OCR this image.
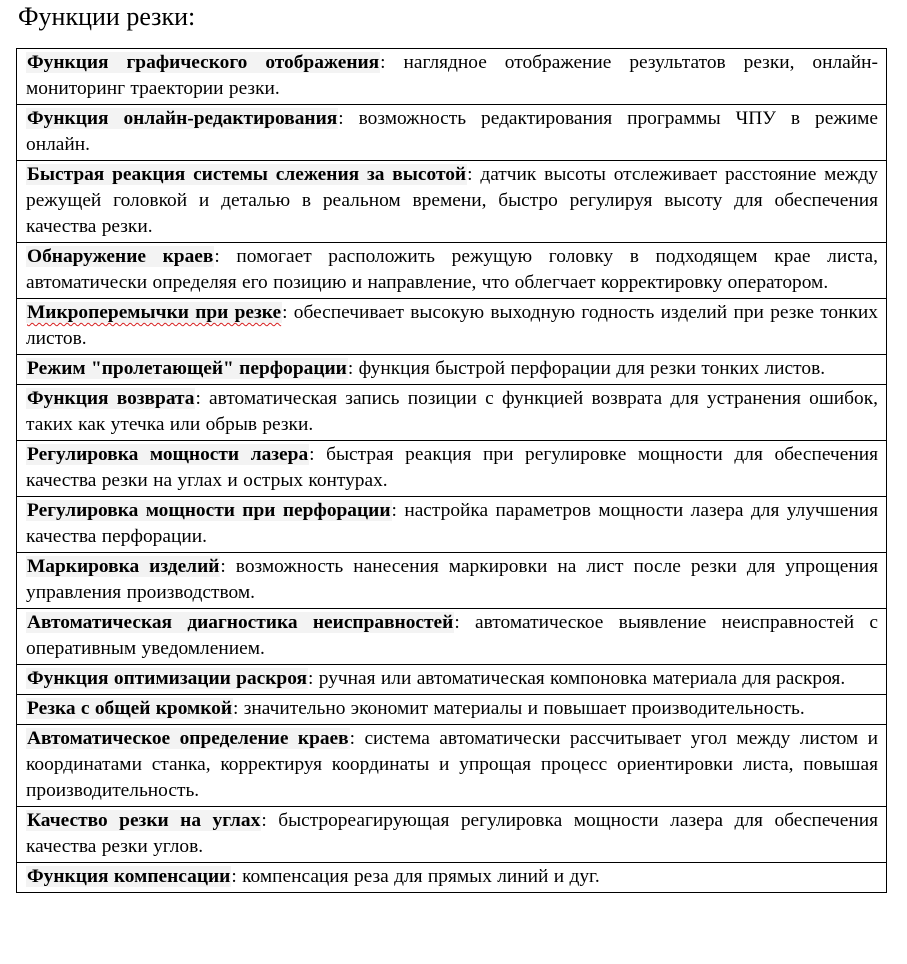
Функции резки:
Функция графического отображения: наглядное отображение результатов резки, онлайн-мониторинг траектории резки.
Функция онлайн-редактирования: возможность редактирования программы ЧПУ в режиме онлайн.
Быстрая реакция системы слежения за высотой: датчик высоты отслеживает расстояние между режущей головкой и деталью в реальном времени, быстро регулируя высоту для обеспечения качества резки.
Обнаружение краев: помогает расположить режущую головку в подходящем крае листа, автоматически определяя его позицию и направление, что облегчает корректировку оператором.
Микроперемычки при резке: обеспечивает высокую выходную годность изделий при резке тонких листов.
Режим "пролетающей" перфорации: функция быстрой перфорации для резки тонких листов.
Функция возврата: автоматическая запись позиции с функцией возврата для устранения ошибок, таких как утечка или обрыв резки.
Регулировка мощности лазера: быстрая реакция при регулировке мощности для обеспечения качества резки на углах и острых контурах.
Регулировка мощности при перфорации: настройка параметров мощности лазера для улучшения качества перфорации.
Маркировка изделий: возможность нанесения маркировки на лист после резки для упрощения управления производством.
Автоматическая диагностика неисправностей: автоматическое выявление неисправностей с оперативным уведомлением.
Функция оптимизации раскроя: ручная или автоматическая компоновка материала для раскроя.
Резка с общей кромкой: значительно экономит материалы и повышает производительность.
Автоматическое определение краев: система автоматически рассчитывает угол между листом и координатами станка, корректируя координаты и упрощая процесс ориентировки листа, повышая производительность.
Качество резки на углах: быстрореагирующая регулировка мощности лазера для обеспечения качества резки углов.
Функция компенсации: компенсация реза для прямых линий и дуг.
